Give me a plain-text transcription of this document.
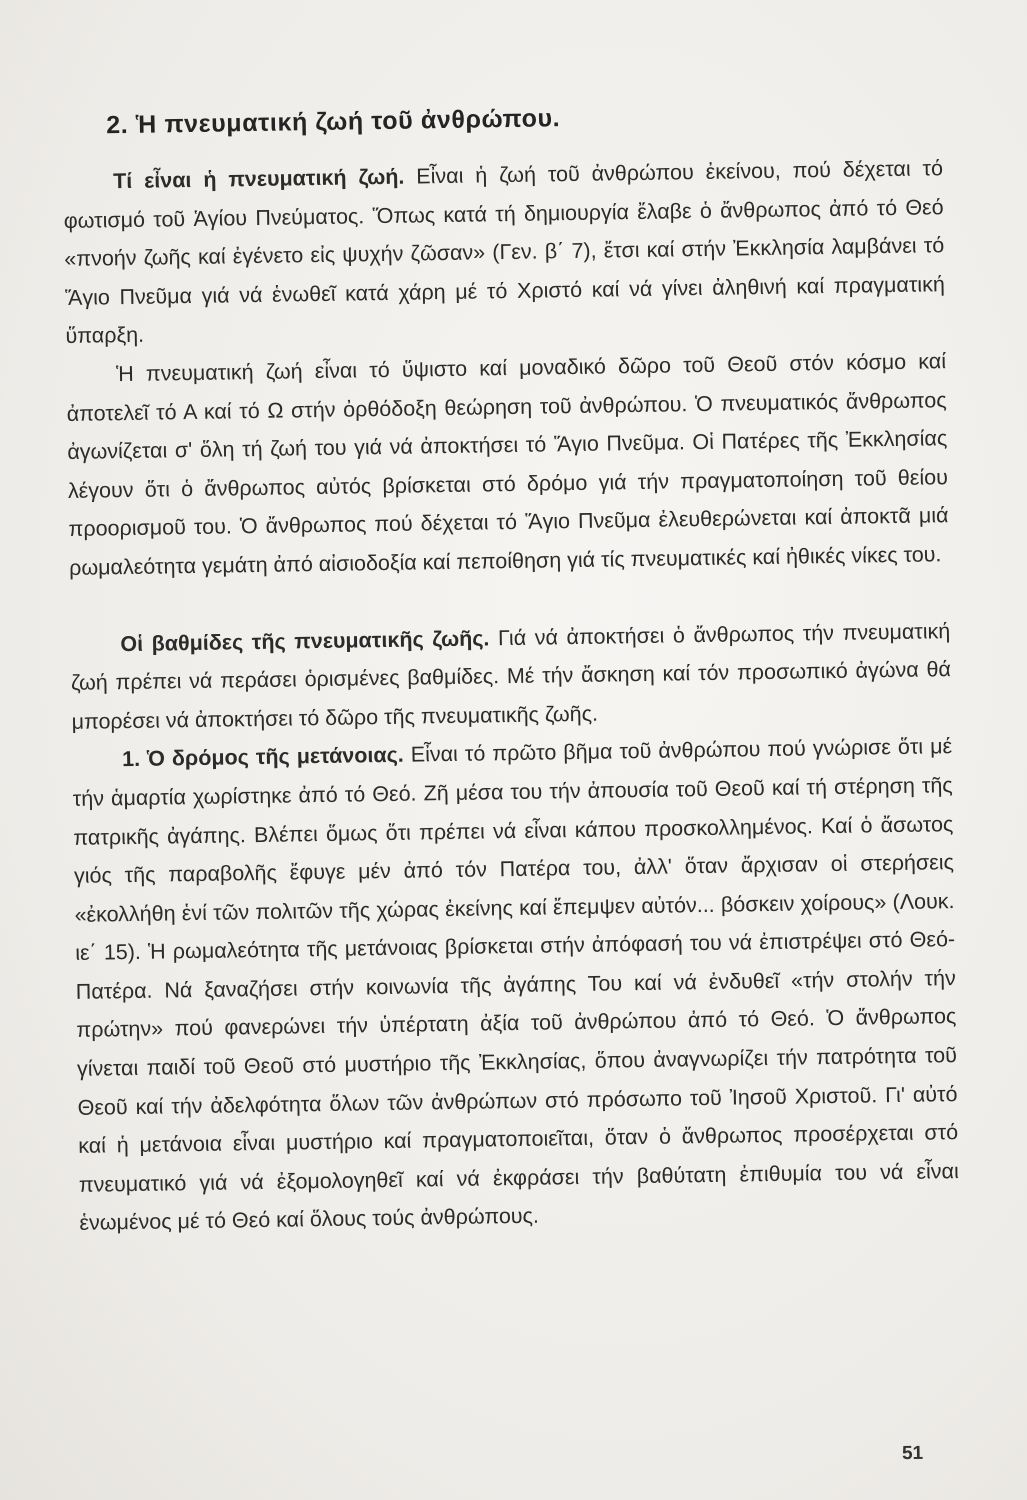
2. Ἡ πνευματική ζωή τοῦ ἀνθρώπου.

Τί εἶναι ἡ πνευματική ζωή. Εἶναι ἡ ζωή τοῦ ἀνθρώπου ἐκείνου, πού δέχεται τό φωτισμό τοῦ Ἁγίου Πνεύματος. Ὅπως κατά τή δημιουργία ἔλαβε ὁ ἄνθρωπος ἀπό τό Θεό «πνοήν ζωῆς καί ἐγένετο εἰς ψυχήν ζῶσαν» (Γεν. β΄ 7), ἔτσι καί στήν Ἐκκλησία λαμβάνει τό Ἅγιο Πνεῦμα γιά νά ἑνωθεῖ κατά χάρη μέ τό Χριστό καί νά γίνει ἀληθινή καί πραγματική ὕπαρξη.

Ἡ πνευματική ζωή εἶναι τό ὕψιστο καί μοναδικό δῶρο τοῦ Θεοῦ στόν κόσμο καί ἀποτελεῖ τό Α καί τό Ω στήν ὀρθόδοξη θεώρηση τοῦ ἀνθρώπου. Ὁ πνευματικός ἄνθρωπος ἀγωνίζεται σ' ὅλη τή ζωή του γιά νά ἀποκτήσει τό Ἅγιο Πνεῦμα. Οἱ Πατέρες τῆς Ἐκκλησίας λέγουν ὅτι ὁ ἄνθρωπος αὐτός βρίσκεται στό δρόμο γιά τήν πραγματοποίηση τοῦ θείου προορισμοῦ του. Ὁ ἄνθρωπος πού δέχεται τό Ἅγιο Πνεῦμα ἐλευθερώνεται καί ἀποκτᾶ μιά ρωμαλεότητα γεμάτη ἀπό αἰσιοδοξία καί πεποίθηση γιά τίς πνευματικές καί ἠθικές νίκες του.

Οἱ βαθμίδες τῆς πνευματικῆς ζωῆς. Γιά νά ἀποκτήσει ὁ ἄνθρωπος τήν πνευματική ζωή πρέπει νά περάσει ὁρισμένες βαθμίδες. Μέ τήν ἄσκηση καί τόν προσωπικό ἀγώνα θά μπορέσει νά ἀποκτήσει τό δῶρο τῆς πνευματικῆς ζωῆς.

1. Ὁ δρόμος τῆς μετάνοιας. Εἶναι τό πρῶτο βῆμα τοῦ ἀνθρώπου πού γνώρισε ὅτι μέ τήν ἁμαρτία χωρίστηκε ἀπό τό Θεό. Ζῆ μέσα του τήν ἀπουσία τοῦ Θεοῦ καί τή στέρηση τῆς πατρικῆς ἀγάπης. Βλέπει ὅμως ὅτι πρέπει νά εἶναι κάπου προσκολλημένος. Καί ὁ ἄσωτος γιός τῆς παραβολῆς ἔφυγε μέν ἀπό τόν Πατέρα του, ἀλλ' ὅταν ἄρχισαν οἱ στερήσεις «ἐκολλήθη ἑνί τῶν πολιτῶν τῆς χώρας ἐκείνης καί ἔπεμψεν αὐτόν... βόσκειν χοίρους» (Λουκ. ιε΄ 15). Ἡ ρωμαλεότητα τῆς μετάνοιας βρίσκεται στήν ἀπόφασή του νά ἐπιστρέψει στό Θεό-Πατέρα. Νά ξαναζήσει στήν κοινωνία τῆς ἀγάπης Του καί νά ἐνδυθεῖ «τήν στολήν τήν πρώτην» πού φανερώνει τήν ὑπέρτατη ἀξία τοῦ ἀνθρώπου ἀπό τό Θεό. Ὁ ἄνθρωπος γίνεται παιδί τοῦ Θεοῦ στό μυστήριο τῆς Ἐκκλησίας, ὅπου ἀναγνωρίζει τήν πατρότητα τοῦ Θεοῦ καί τήν ἀδελφότητα ὅλων τῶν ἀνθρώπων στό πρόσωπο τοῦ Ἰησοῦ Χριστοῦ. Γι' αὐτό καί ἡ μετάνοια εἶναι μυστήριο καί πραγματοποιεῖται, ὅταν ὁ ἄνθρωπος προσέρχεται στό πνευματικό γιά νά ἐξομολογηθεῖ καί νά ἐκφράσει τήν βαθύτατη ἐπιθυμία του νά εἶναι ἑνωμένος μέ τό Θεό καί ὅλους τούς ἀνθρώπους.

51
